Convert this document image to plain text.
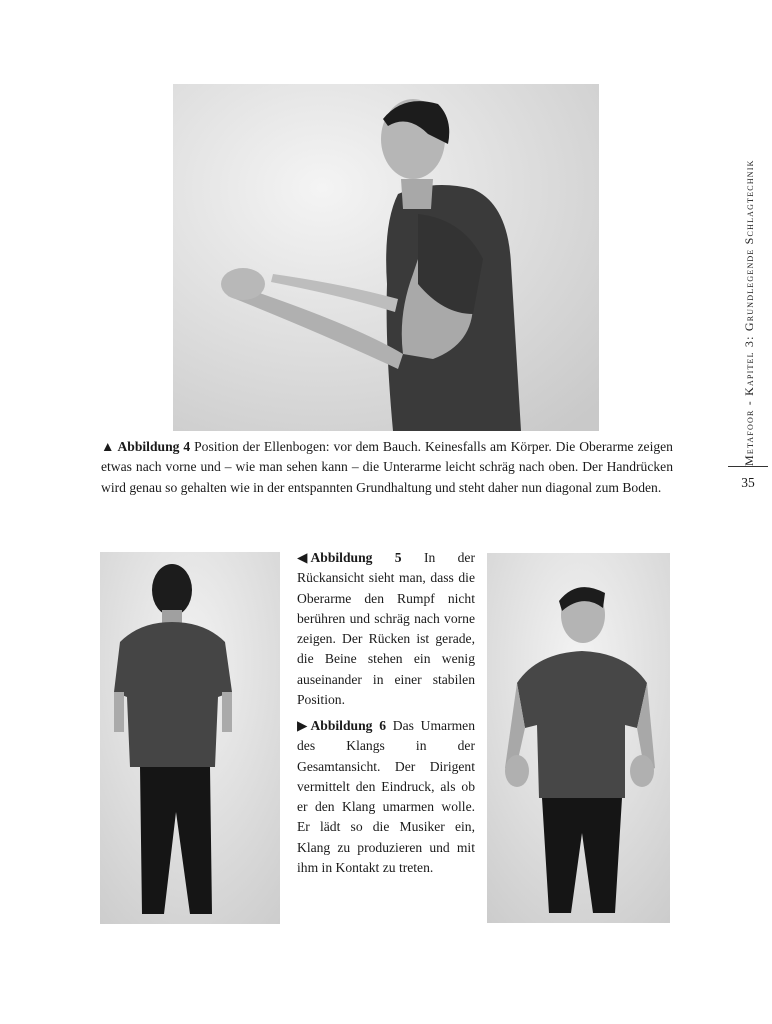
▲ Abbildung 4 Position der Ellenbogen: vor dem Bauch. Keinesfalls am Körper. Die Oberarme zeigen etwas nach vorne und – wie man sehen kann – die Unterarme leicht schräg nach oben. Der Handrücken wird genau so gehalten wie in der entspannten Grundhaltung und steht daher nun diagonal zum Boden.
◀ Abbildung 5 In der Rückansicht sieht man, dass die Oberarme den Rumpf nicht berühren und schräg nach vorne zeigen. Der Rücken ist gerade, die Beine stehen ein wenig auseinander in einer stabilen Position.
▶ Abbildung 6 Das Umarmen des Klangs in der Gesamtansicht. Der Dirigent vermittelt den Eindruck, als ob er den Klang umarmen wolle. Er lädt so die Musiker ein, Klang zu produzieren und mit ihm in Kontakt zu treten.
Metafoor - Kapitel 3: Grundlegende Schlagtechnik
35
